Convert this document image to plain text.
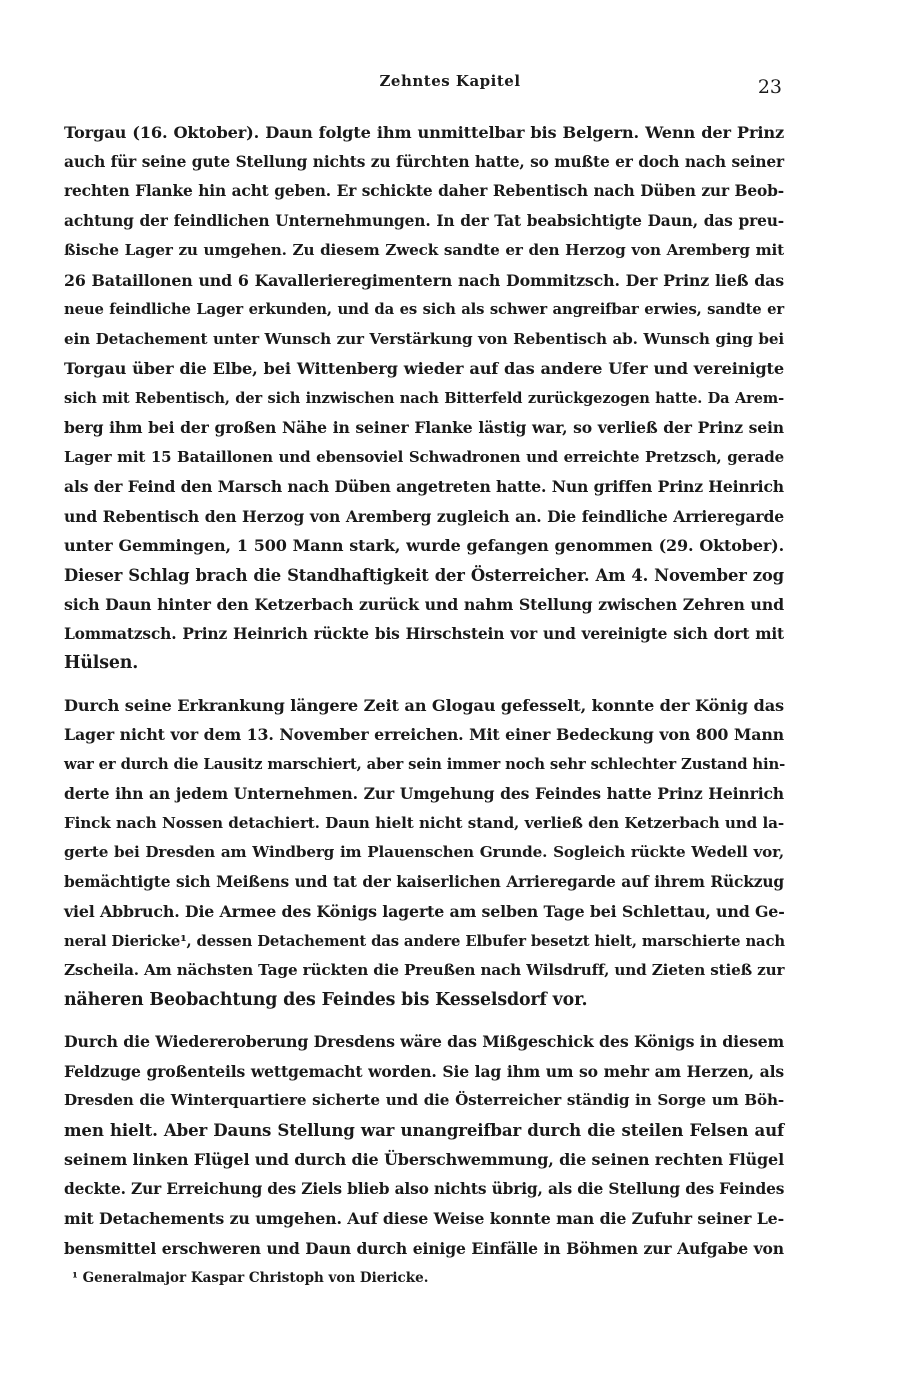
Zehntes Kapitel	23
Torgau (16. Oktober). Daun folgte ihm unmittelbar bis Belgern. Wenn der Prinz
auch für seine gute Stellung nichts zu fürchten hatte, so mußte er doch nach seiner
rechten Flanke hin acht geben. Er schickte daher Rebentisch nach Düben zur Beob-
achtung der feindlichen Unternehmungen. In der Tat beabsichtigte Daun, das preu-
ßische Lager zu umgehen. Zu diesem Zweck sandte er den Herzog von Aremberg mit
26 Bataillonen und 6 Kavallerieregimentern nach Dommitzsch. Der Prinz ließ das
neue feindliche Lager erkunden, und da es sich als schwer angreifbar erwies, sandte er
ein Detachement unter Wunsch zur Verstärkung von Rebentisch ab. Wunsch ging bei
Torgau über die Elbe, bei Wittenberg wieder auf das andere Ufer und vereinigte
sich mit Rebentisch, der sich inzwischen nach Bitterfeld zurückgezogen hatte. Da Arem-
berg ihm bei der großen Nähe in seiner Flanke lästig war, so verließ der Prinz sein
Lager mit 15 Bataillonen und ebensoviel Schwadronen und erreichte Pretzsch, gerade
als der Feind den Marsch nach Düben angetreten hatte. Nun griffen Prinz Heinrich
und Rebentisch den Herzog von Aremberg zugleich an. Die feindliche Arrieregarde
unter Gemmingen, 1 500 Mann stark, wurde gefangen genommen (29. Oktober).
Dieser Schlag brach die Standhaftigkeit der Österreicher. Am 4. November zog
sich Daun hinter den Ketzerbach zurück und nahm Stellung zwischen Zehren und
Lommatzsch. Prinz Heinrich rückte bis Hirschstein vor und vereinigte sich dort mit
Hülsen.
Durch seine Erkrankung längere Zeit an Glogau gefesselt, konnte der König das
Lager nicht vor dem 13. November erreichen. Mit einer Bedeckung von 800 Mann
war er durch die Lausitz marschiert, aber sein immer noch sehr schlechter Zustand hin-
derte ihn an jedem Unternehmen. Zur Umgehung des Feindes hatte Prinz Heinrich
Finck nach Nossen detachiert. Daun hielt nicht stand, verließ den Ketzerbach und la-
gerte bei Dresden am Windberg im Plauenschen Grunde. Sogleich rückte Wedell vor,
bemächtigte sich Meißens und tat der kaiserlichen Arrieregarde auf ihrem Rückzug
viel Abbruch. Die Armee des Königs lagerte am selben Tage bei Schlettau, und Ge-
neral Diericke¹, dessen Detachement das andere Elbufer besetzt hielt, marschierte nach
Zscheila. Am nächsten Tage rückten die Preußen nach Wilsdruff, und Zieten stieß zur
näheren Beobachtung des Feindes bis Kesselsdorf vor.
Durch die Wiedereroberung Dresdens wäre das Mißgeschick des Königs in diesem
Feldzuge großenteils wettgemacht worden. Sie lag ihm um so mehr am Herzen, als
Dresden die Winterquartiere sicherte und die Österreicher ständig in Sorge um Böh-
men hielt. Aber Dauns Stellung war unangreifbar durch die steilen Felsen auf
seinem linken Flügel und durch die Überschwemmung, die seinen rechten Flügel
deckte. Zur Erreichung des Ziels blieb also nichts übrig, als die Stellung des Feindes
mit Detachements zu umgehen. Auf diese Weise konnte man die Zufuhr seiner Le-
bensmittel erschweren und Daun durch einige Einfälle in Böhmen zur Aufgabe von
¹ Generalmajor Kaspar Christoph von Diericke.
